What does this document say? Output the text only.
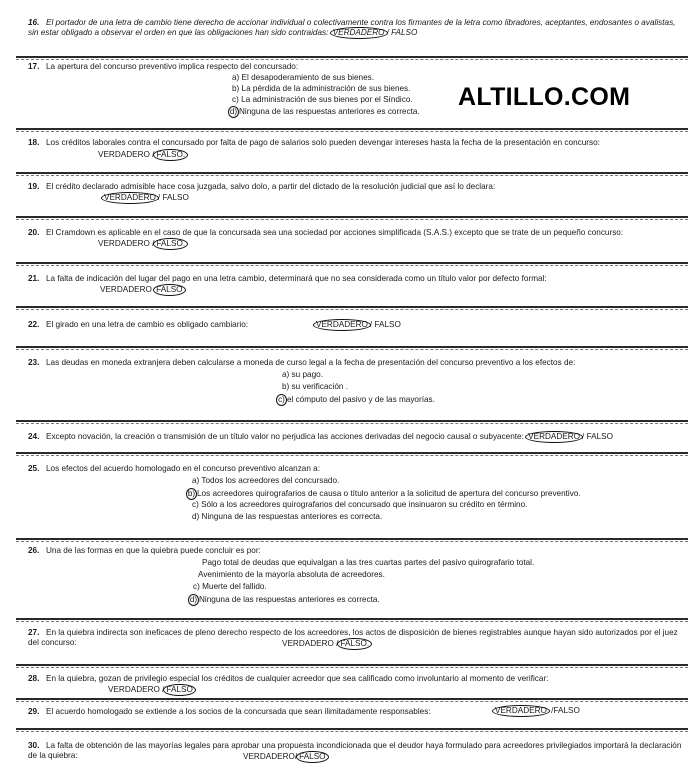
ALTILLO.COM
16. El portador de una letra de cambio tiene derecho de accionar individual o colectivamente contra los firmantes de la letra como libradores, aceptantes, endosantes o avalistas, sin estar obligado a observar el orden en que las obligaciones han sido contraidas: VERDADERO / FALSO
17. La apertura del concurso preventivo implica respecto del concursado:
a) El desapoderamiento de sus bienes.
b) La pérdida de la administración de sus bienes.
c) La administración de sus bienes por el Síndico.
d) Ninguna de las respuestas anteriores es correcta.
18. Los créditos laborales contra el concursado por falta de pago de salarios solo pueden devengar intereses hasta la fecha de la presentación en concurso:
VERDADERO / FALSO.
19. El crédito declarado admisible hace cosa juzgada, salvo dolo, a partir del dictado de la resolución judicial que así lo declara:
VERDADERO / FALSO
20. El Cramdown es aplicable en el caso de que la concursada sea una sociedad por acciones simplificada (S.A.S.) excepto que se trate de un pequeño concurso:
VERDADERO / FALSO.
21. La falta de indicación del lugar del pago en una letra cambio, determinará que no sea considerada como un título valor por defecto formal:
VERDADERO FALSO
22. El girado en una letra de cambio es obligado cambiario:	VERDADERO / FALSO
23. Las deudas en moneda extranjera deben calcularse a moneda de curso legal a la fecha de presentación del concurso preventivo a los efectos de:
a) su pago.
b) su verificación .
c) el cómputo del pasivo y de las mayorías.
24. Excepto novación, la creación o transmisión de un título valor no perjudica las acciones derivadas del negocio causal o subyacente: VERDADERO / FALSO
25. Los efectos del acuerdo homologado en el concurso preventivo alcanzan a:
a) Todos los acreedores del concursado.
b) Los acreedores quirografarios de causa o título anterior a la solicitud de apertura del concurso preventivo.
c) Sólo a los acreedores quirografarios del concursado que insinuaron su crédito en término.
d) Ninguna de las respuestas anteriores es correcta.
26. Una de las formas en que la quiebra puede concluir es por:
Pago total de deudas que equivalgan a las tres cuartas partes del pasivo quirografario total.
Avenimiento de la mayoría absoluta de acreedores.
c) Muerte del fallido.
d) Ninguna de las respuestas anteriores es correcta.
27. En la quiebra indirecta son ineficaces de pleno derecho respecto de los acreedores, los actos de disposición de bienes registrables aunque hayan sido autorizados por el juez del concurso:	VERDADERO / FALSO.
28. En la quiebra, gozan de privilegio especial los créditos de cualquier acreedor que sea calificado como involuntario al momento de verificar:
VERDADERO / FALSO
29. El acuerdo homologado se extiende a los socios de la concursada que sean ilimitadamente responsables:	VERDADERO /FALSO
30. La falta de obtención de las mayorías legales para aprobar una propuesta incondicionada que el deudor haya formulado para acreedores privilegiados importará la declaración de la quiebra:	VERDADERO/ FALSO
